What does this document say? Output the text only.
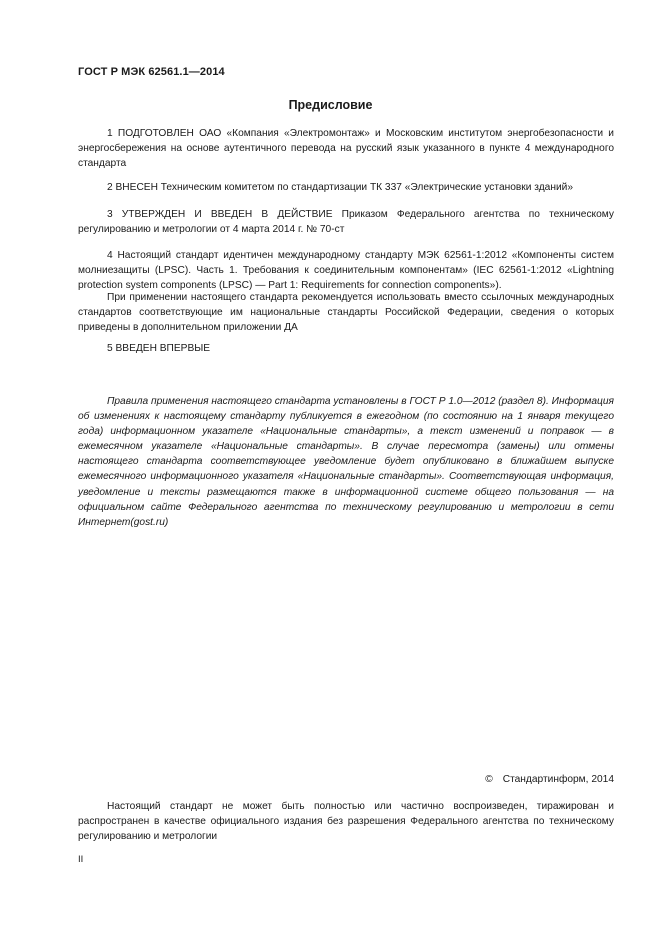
ГОСТ Р МЭК 62561.1—2014
Предисловие

1 ПОДГОТОВЛЕН ОАО «Компания «Электромонтаж» и Московским институтом энергобезопасности и энергосбережения на основе аутентичного перевода на русский язык указанного в пункте 4 международного стандарта

2 ВНЕСЕН Техническим комитетом по стандартизации ТК 337 «Электрические установки зданий»

3 УТВЕРЖДЕН И ВВЕДЕН В ДЕЙСТВИЕ Приказом Федерального агентства по техническому регулированию и метрологии от 4 марта 2014 г. № 70-ст

4 Настоящий стандарт идентичен международному стандарту МЭК 62561-1:2012 «Компоненты систем молниезащиты (LPSC). Часть 1. Требования к соединительным компонентам» (IEC 62561-1:2012 «Lightning protection system components (LPSC) — Part 1: Requirements for connection components»).

При применении настоящего стандарта рекомендуется использовать вместо ссылочных международных стандартов соответствующие им национальные стандарты Российской Федерации, сведения о которых приведены в дополнительном приложении ДА

5 ВВЕДЕН ВПЕРВЫЕ

Правила применения настоящего стандарта установлены в ГОСТ Р 1.0—2012 (раздел 8). Информация об изменениях к настоящему стандарту публикуется в ежегодном (по состоянию на 1 января текущего года) информационном указателе «Национальные стандарты», а текст изменений и поправок — в ежемесячном указателе «Национальные стандарты». В случае пересмотра (замены) или отмены настоящего стандарта соответствующее уведомление будет опубликовано в ближайшем выпуске ежемесячного информационного указателя «Национальные стандарты». Соответствующая информация, уведомление и тексты размещаются также в информационной системе общего пользования — на официальном сайте Федерального агентства по техническому регулированию и метрологии в сети Интернет(gost.ru)

© Стандартинформ, 2014

Настоящий стандарт не может быть полностью или частично воспроизведен, тиражирован и распространен в качестве официального издания без разрешения Федерального агентства по техническому регулированию и метрологии

II
